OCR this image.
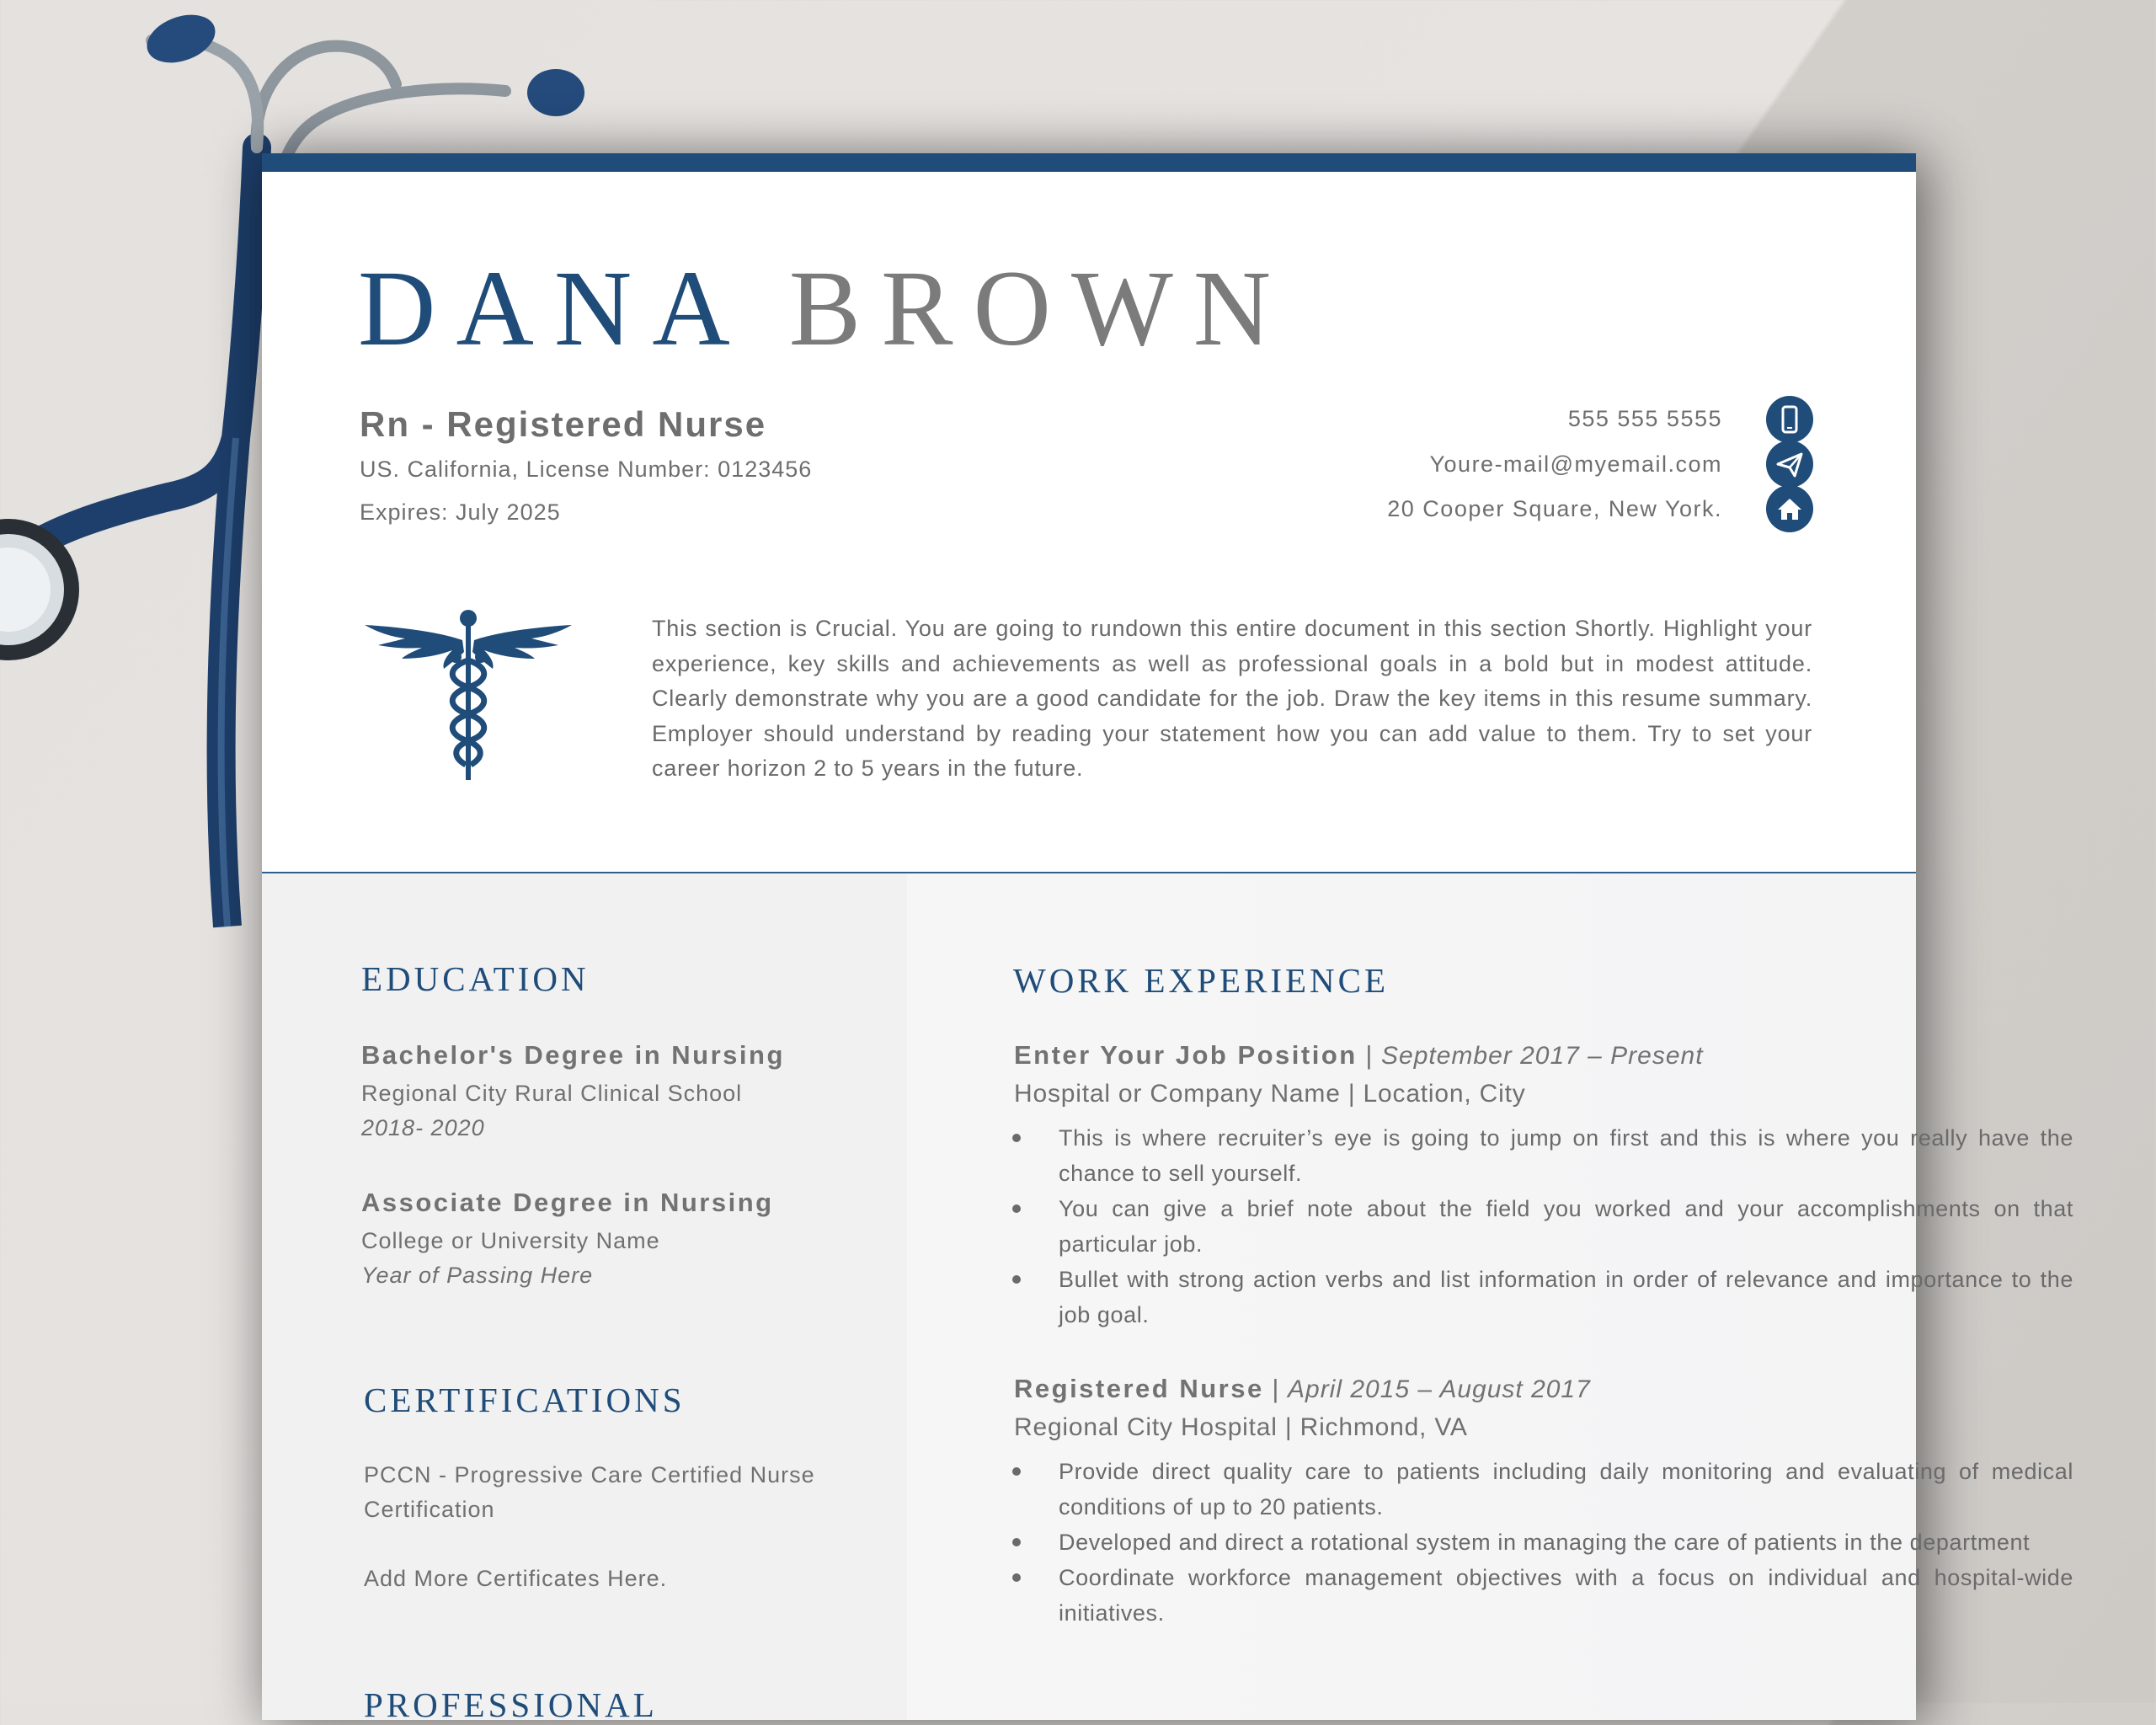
DANA BROWN
Rn - Registered Nurse
US. California, License Number: 0123456
Expires: July 2025
555 555 5555
Youre-mail@myemail.com
20 Cooper Square, New York.
This section is Crucial. You are going to rundown this entire document in this section Shortly. Highlight your experience, key skills and achievements as well as professional goals in a bold but in modest attitude. Clearly demonstrate why you are a good candidate for the job. Draw the key items in this resume summary. Employer should understand by reading your statement how you can add value to them. Try to set your career horizon 2 to 5 years in the future.
EDUCATION
Bachelor's Degree in Nursing
Regional City Rural Clinical School
2018- 2020
Associate Degree in Nursing
College or University Name
Year of Passing Here
CERTIFICATIONS
PCCN - Progressive Care Certified Nurse
Certification
Add More Certificates Here.
PROFESSIONAL
WORK EXPERIENCE
Enter Your Job Position | September 2017 – Present
Hospital or Company Name | Location, City
This is where recruiter’s eye is going to jump on first and this is where you really have the chance to sell yourself.
You can give a brief note about the field you worked and your accomplishments on that particular job.
Bullet with strong action verbs and list information in order of relevance and importance to the job goal.
Registered Nurse | April 2015 – August 2017
Regional City Hospital | Richmond, VA
Provide direct quality care to patients including daily monitoring and evaluating of medical conditions of up to 20 patients.
Developed and direct a rotational system in managing the care of patients in the department
Coordinate workforce management objectives with a focus on individual and hospital-wide initiatives.
